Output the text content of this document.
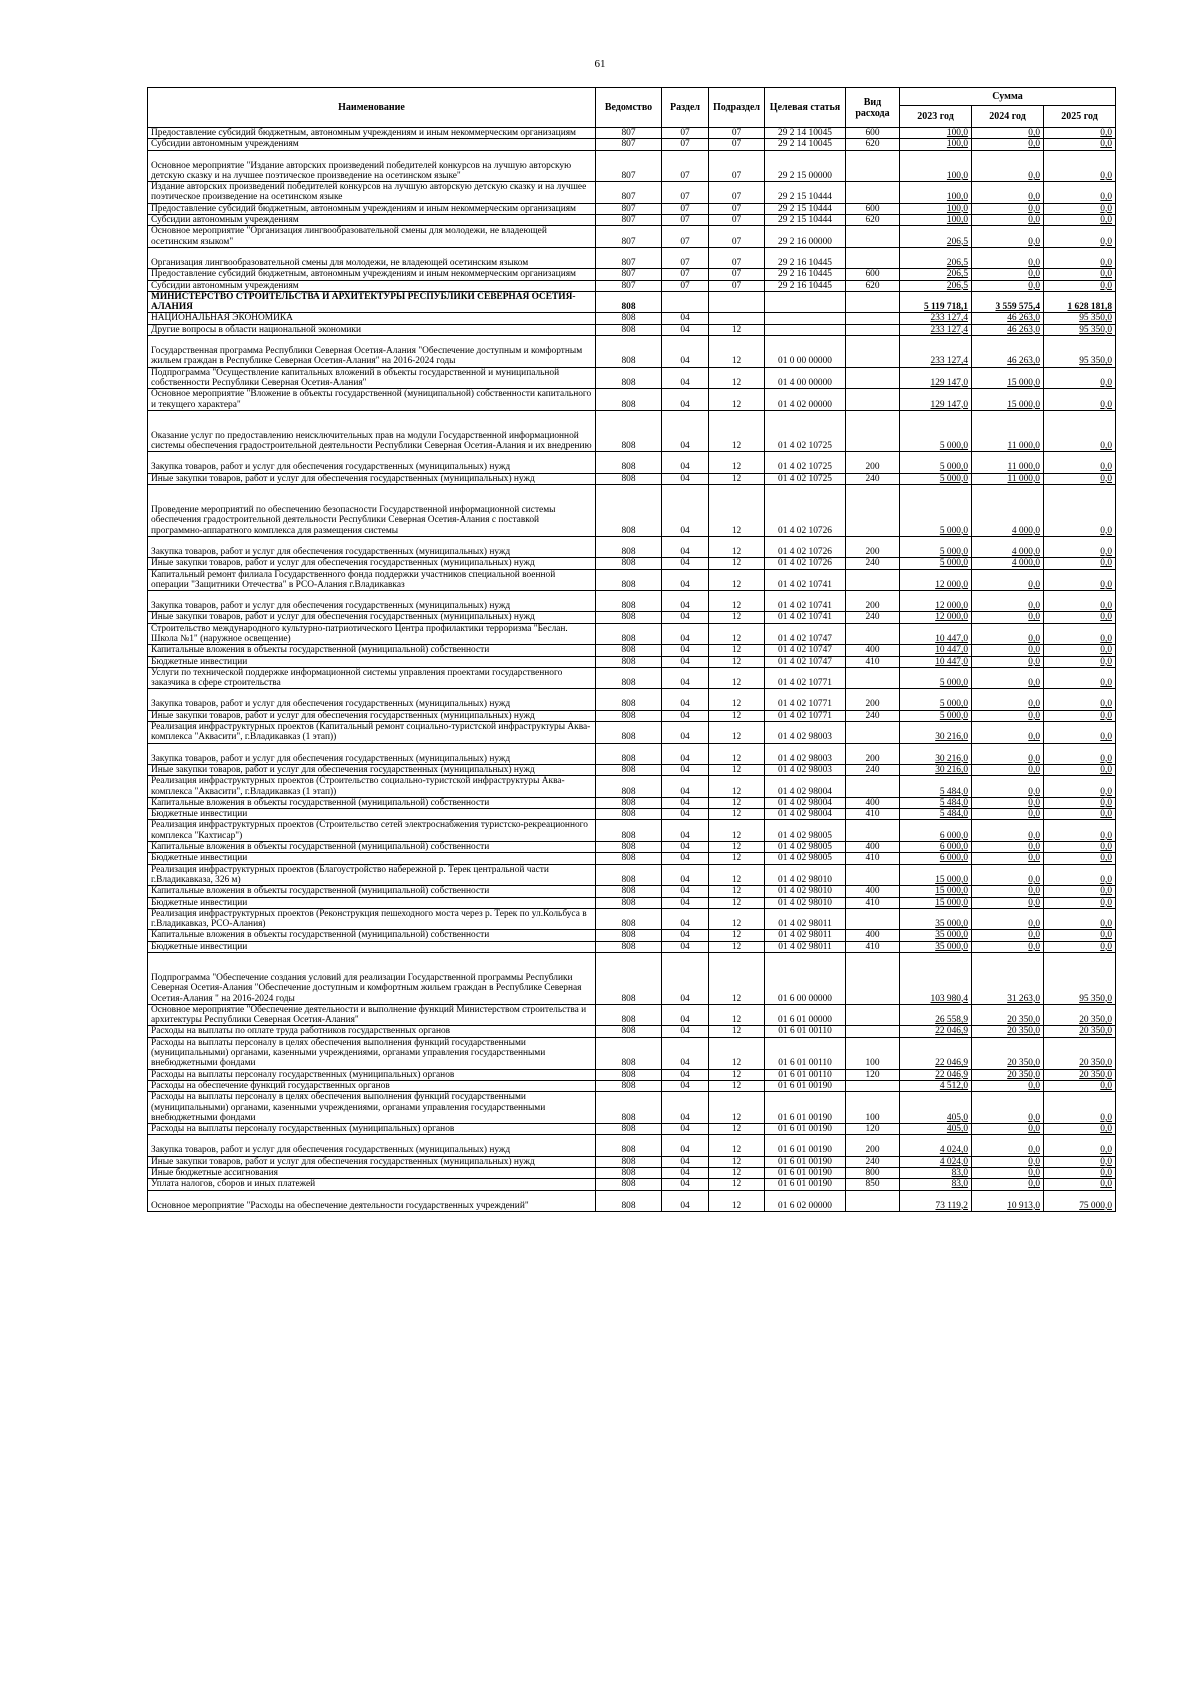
61
Наименование	Ведомство	Раздел	Подраздел	Целевая статья	Вид расхода	Сумма		
						2023 год	2024 год	2025 год
Предоставление субсидий бюджетным, автономным учреждениям и иным некоммерческим организациям	807	07	07	29 2 14 10045	600	100,0	0,0	0,0
Субсидии автономным учреждениям	807	07	07	29 2 14 10045	620	100,0	0,0	0,0
Основное мероприятие "Издание авторских произведений победителей конкурсов на лучшую авторскую детскую сказку и на лучшее поэтическое произведение на осетинском языке"	807	07	07	29 2 15 00000		100,0	0,0	0,0
Издание авторских произведений победителей конкурсов на лучшую авторскую детскую сказку и на лучшее поэтическое произведение на осетинском языке	807	07	07	29 2 15 10444		100,0	0,0	0,0
Предоставление субсидий бюджетным, автономным учреждениям и иным некоммерческим организациям	807	07	07	29 2 15 10444	600	100,0	0,0	0,0
Субсидии автономным учреждениям	807	07	07	29 2 15 10444	620	100,0	0,0	0,0
Основное мероприятие "Организация лингвообразовательной смены для молодежи, не владеющей осетинским языком"	807	07	07	29 2 16 00000		206,5	0,0	0,0
Организация лингвообразовательной смены для молодежи, не владеющей осетинским языком	807	07	07	29 2 16 10445		206,5	0,0	0,0
Предоставление субсидий бюджетным, автономным учреждениям и иным некоммерческим организациям	807	07	07	29 2 16 10445	600	206,5	0,0	0,0
Субсидии автономным учреждениям	807	07	07	29 2 16 10445	620	206,5	0,0	0,0
МИНИСТЕРСТВО СТРОИТЕЛЬСТВА И АРХИТЕКТУРЫ РЕСПУБЛИКИ СЕВЕРНАЯ ОСЕТИЯ-АЛАНИЯ	808					5 119 718,1	3 559 575,4	1 628 181,8
НАЦИОНАЛЬНАЯ ЭКОНОМИКА	808	04				233 127,4	46 263,0	95 350,0
Другие вопросы в области национальной экономики	808	04	12			233 127,4	46 263,0	95 350,0
Государственная программа Республики Северная Осетия-Алания "Обеспечение доступным и комфортным жильем граждан в Республике Северная Осетия-Алания" на 2016-2024 годы	808	04	12	01 0 00 00000		233 127,4	46 263,0	95 350,0
Подпрограмма "Осуществление капитальных вложений в объекты государственной и муниципальной собственности Республики Северная Осетия-Алания"	808	04	12	01 4 00 00000		129 147,0	15 000,0	0,0
Основное мероприятие "Вложение в объекты государственной (муниципальной) собственности капитального и текущего характера"	808	04	12	01 4 02 00000		129 147,0	15 000,0	0,0
Оказание услуг по предоставлению неисключительных прав на модули Государственной информационной системы обеспечения градостроительной деятельности Республики Северная Осетия-Алания и их внедрению	808	04	12	01 4 02 10725		5 000,0	11 000,0	0,0
Закупка товаров, работ и услуг для обеспечения государственных (муниципальных) нужд	808	04	12	01 4 02 10725	200	5 000,0	11 000,0	0,0
Иные закупки товаров, работ и услуг для обеспечения государственных (муниципальных) нужд	808	04	12	01 4 02 10725	240	5 000,0	11 000,0	0,0
Проведение мероприятий по обеспечению безопасности Государственной информационной системы обеспечения градостроительной деятельности Республики Северная Осетия-Алания с поставкой программно-аппаратного комплекса для размещения системы	808	04	12	01 4 02 10726		5 000,0	4 000,0	0,0
Закупка товаров, работ и услуг для обеспечения государственных (муниципальных) нужд	808	04	12	01 4 02 10726	200	5 000,0	4 000,0	0,0
Иные закупки товаров, работ и услуг для обеспечения государственных (муниципальных) нужд	808	04	12	01 4 02 10726	240	5 000,0	4 000,0	0,0
Капитальный ремонт филиала Государственного фонда поддержки участников специальной военной операции "Защитники Отечества" в РСО-Алания г.Владикавказ	808	04	12	01 4 02 10741		12 000,0	0,0	0,0
Закупка товаров, работ и услуг для обеспечения государственных (муниципальных) нужд	808	04	12	01 4 02 10741	200	12 000,0	0,0	0,0
Иные закупки товаров, работ и услуг для обеспечения государственных (муниципальных) нужд	808	04	12	01 4 02 10741	240	12 000,0	0,0	0,0
Строительство международного культурно-патриотического Центра профилактики терроризма "Беслан. Школа №1" (наружное освещение)	808	04	12	01 4 02 10747		10 447,0	0,0	0,0
Капитальные вложения в объекты государственной (муниципальной) собственности	808	04	12	01 4 02 10747	400	10 447,0	0,0	0,0
Бюджетные инвестиции	808	04	12	01 4 02 10747	410	10 447,0	0,0	0,0
Услуги по технической поддержке информационной системы управления проектами государственного заказчика в сфере строительства	808	04	12	01 4 02 10771		5 000,0	0,0	0,0
Закупка товаров, работ и услуг для обеспечения государственных (муниципальных) нужд	808	04	12	01 4 02 10771	200	5 000,0	0,0	0,0
Иные закупки товаров, работ и услуг для обеспечения государственных (муниципальных) нужд	808	04	12	01 4 02 10771	240	5 000,0	0,0	0,0
Реализация инфраструктурных проектов (Капитальный ремонт социально-туристской инфраструктуры Аква-комплекса "Аквасити", г.Владикавказ (1 этап))	808	04	12	01 4 02 98003		30 216,0	0,0	0,0
Закупка товаров, работ и услуг для обеспечения государственных (муниципальных) нужд	808	04	12	01 4 02 98003	200	30 216,0	0,0	0,0
Иные закупки товаров, работ и услуг для обеспечения государственных (муниципальных) нужд	808	04	12	01 4 02 98003	240	30 216,0	0,0	0,0
Реализация инфраструктурных проектов (Строительство социально-туристской инфраструктуры Аква-комплекса "Аквасити", г.Владикавказ (1 этап))	808	04	12	01 4 02 98004		5 484,0	0,0	0,0
Капитальные вложения в объекты государственной (муниципальной) собственности	808	04	12	01 4 02 98004	400	5 484,0	0,0	0,0
Бюджетные инвестиции	808	04	12	01 4 02 98004	410	5 484,0	0,0	0,0
Реализация инфраструктурных проектов (Строительство сетей электроснабжения туристско-рекреационного комплекса "Кахтисар")	808	04	12	01 4 02 98005		6 000,0	0,0	0,0
Капитальные вложения в объекты государственной (муниципальной) собственности	808	04	12	01 4 02 98005	400	6 000,0	0,0	0,0
Бюджетные инвестиции	808	04	12	01 4 02 98005	410	6 000,0	0,0	0,0
Реализация инфраструктурных проектов (Благоустройство набережной р. Терек центральной части г.Владикавказа, 326 м)	808	04	12	01 4 02 98010		15 000,0	0,0	0,0
Капитальные вложения в объекты государственной (муниципальной) собственности	808	04	12	01 4 02 98010	400	15 000,0	0,0	0,0
Бюджетные инвестиции	808	04	12	01 4 02 98010	410	15 000,0	0,0	0,0
Реализация инфраструктурных проектов (Реконструкция пешеходного моста через р. Терек по ул.Кольбуса в г.Владикавказ, РСО-Алания)	808	04	12	01 4 02 98011		35 000,0	0,0	0,0
Капитальные вложения в объекты государственной (муниципальной) собственности	808	04	12	01 4 02 98011	400	35 000,0	0,0	0,0
Бюджетные инвестиции	808	04	12	01 4 02 98011	410	35 000,0	0,0	0,0
Подпрограмма "Обеспечение создания условий для реализации Государственной программы Республики Северная Осетия-Алания "Обеспечение доступным и комфортным жильем граждан в Республике Северная Осетия-Алания " на 2016-2024 годы	808	04	12	01 6 00 00000		103 980,4	31 263,0	95 350,0
Основное мероприятие "Обеспечение деятельности и выполнение функций Министерством строительства и архитектуры Республики Северная Осетия-Алания"	808	04	12	01 6 01 00000		26 558,9	20 350,0	20 350,0
Расходы на выплаты по оплате труда работников государственных органов	808	04	12	01 6 01 00110		22 046,9	20 350,0	20 350,0
Расходы на выплаты персоналу в целях обеспечения выполнения функций государственными (муниципальными) органами, казенными учреждениями, органами управления государственными внебюджетными фондами	808	04	12	01 6 01 00110	100	22 046,9	20 350,0	20 350,0
Расходы на выплаты персоналу государственных (муниципальных) органов	808	04	12	01 6 01 00110	120	22 046,9	20 350,0	20 350,0
Расходы на обеспечение функций государственных органов	808	04	12	01 6 01 00190		4 512,0	0,0	0,0
Расходы на выплаты персоналу в целях обеспечения выполнения функций государственными (муниципальными) органами, казенными учреждениями, органами управления государственными внебюджетными фондами	808	04	12	01 6 01 00190	100	405,0	0,0	0,0
Расходы на выплаты персоналу государственных (муниципальных) органов	808	04	12	01 6 01 00190	120	405,0	0,0	0,0
Закупка товаров, работ и услуг для обеспечения государственных (муниципальных) нужд	808	04	12	01 6 01 00190	200	4 024,0	0,0	0,0
Иные закупки товаров, работ и услуг для обеспечения государственных (муниципальных) нужд	808	04	12	01 6 01 00190	240	4 024,0	0,0	0,0
Иные бюджетные ассигнования	808	04	12	01 6 01 00190	800	83,0	0,0	0,0
Уплата налогов, сборов и иных платежей	808	04	12	01 6 01 00190	850	83,0	0,0	0,0
Основное мероприятие "Расходы на обеспечение деятельности государственных учреждений"	808	04	12	01 6 02 00000		73 119,2	10 913,0	75 000,0
